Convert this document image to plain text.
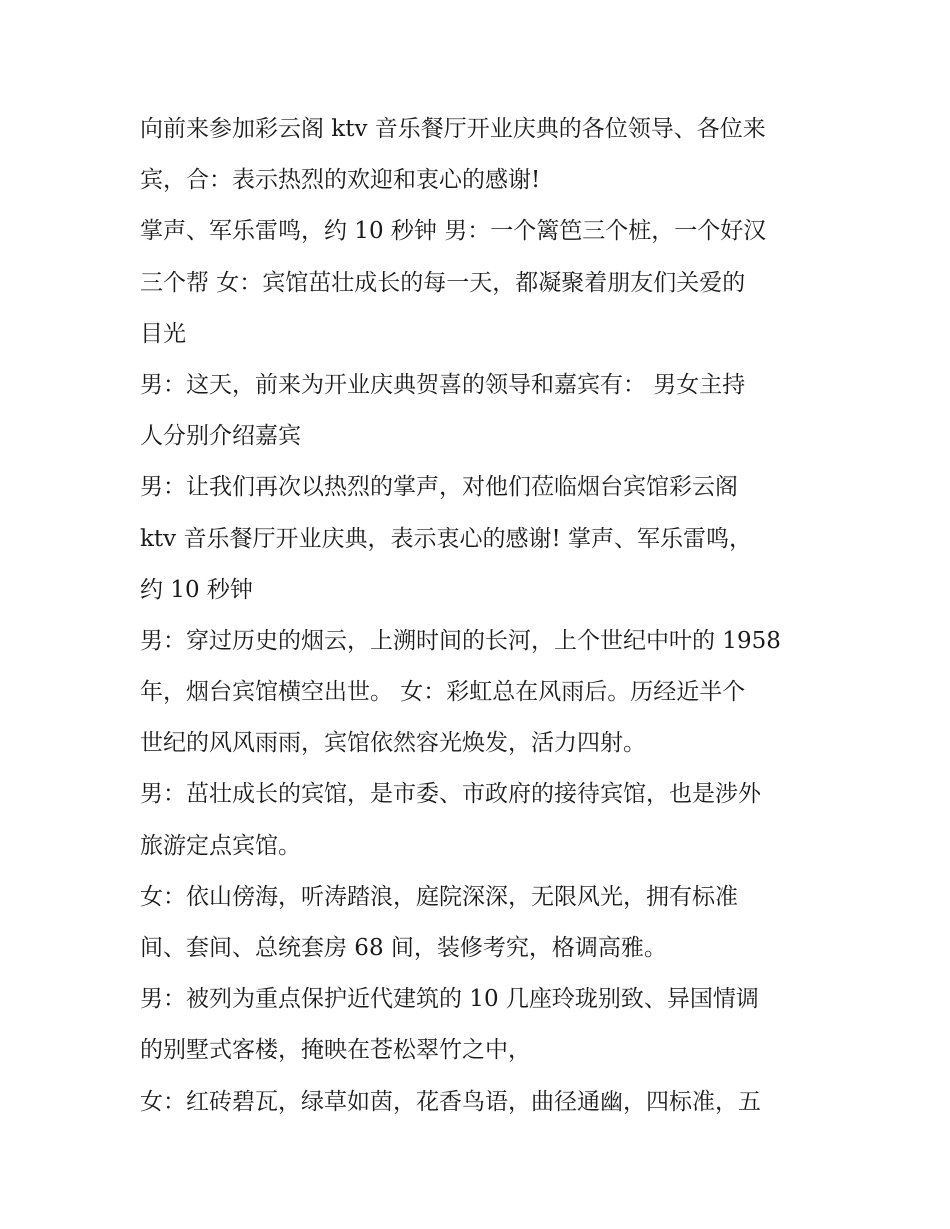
向前来参加彩云阁 ktv 音乐餐厅开业庆典的各位领导、各位来
宾，合：表示热烈的欢迎和衷心的感谢!
掌声、军乐雷鸣，约 10 秒钟 男：一个篱笆三个桩，一个好汉
三个帮 女：宾馆茁壮成长的每一天，都凝聚着朋友们关爱的
目光
男：这天，前来为开业庆典贺喜的领导和嘉宾有： 男女主持
人分别介绍嘉宾
男：让我们再次以热烈的掌声，对他们莅临烟台宾馆彩云阁
ktv 音乐餐厅开业庆典，表示衷心的感谢! 掌声、军乐雷鸣，
约 10 秒钟
男：穿过历史的烟云，上溯时间的长河，上个世纪中叶的 1958
年，烟台宾馆横空出世。 女：彩虹总在风雨后。历经近半个
世纪的风风雨雨，宾馆依然容光焕发，活力四射。
男：茁壮成长的宾馆，是市委、市政府的接待宾馆，也是涉外
旅游定点宾馆。
女：依山傍海，听涛踏浪，庭院深深，无限风光，拥有标准
间、套间、总统套房 68 间，装修考究，格调高雅。
男：被列为重点保护近代建筑的 10 几座玲珑别致、异国情调
的别墅式客楼，掩映在苍松翠竹之中，
女：红砖碧瓦，绿草如茵，花香鸟语，曲径通幽，四标准，五
